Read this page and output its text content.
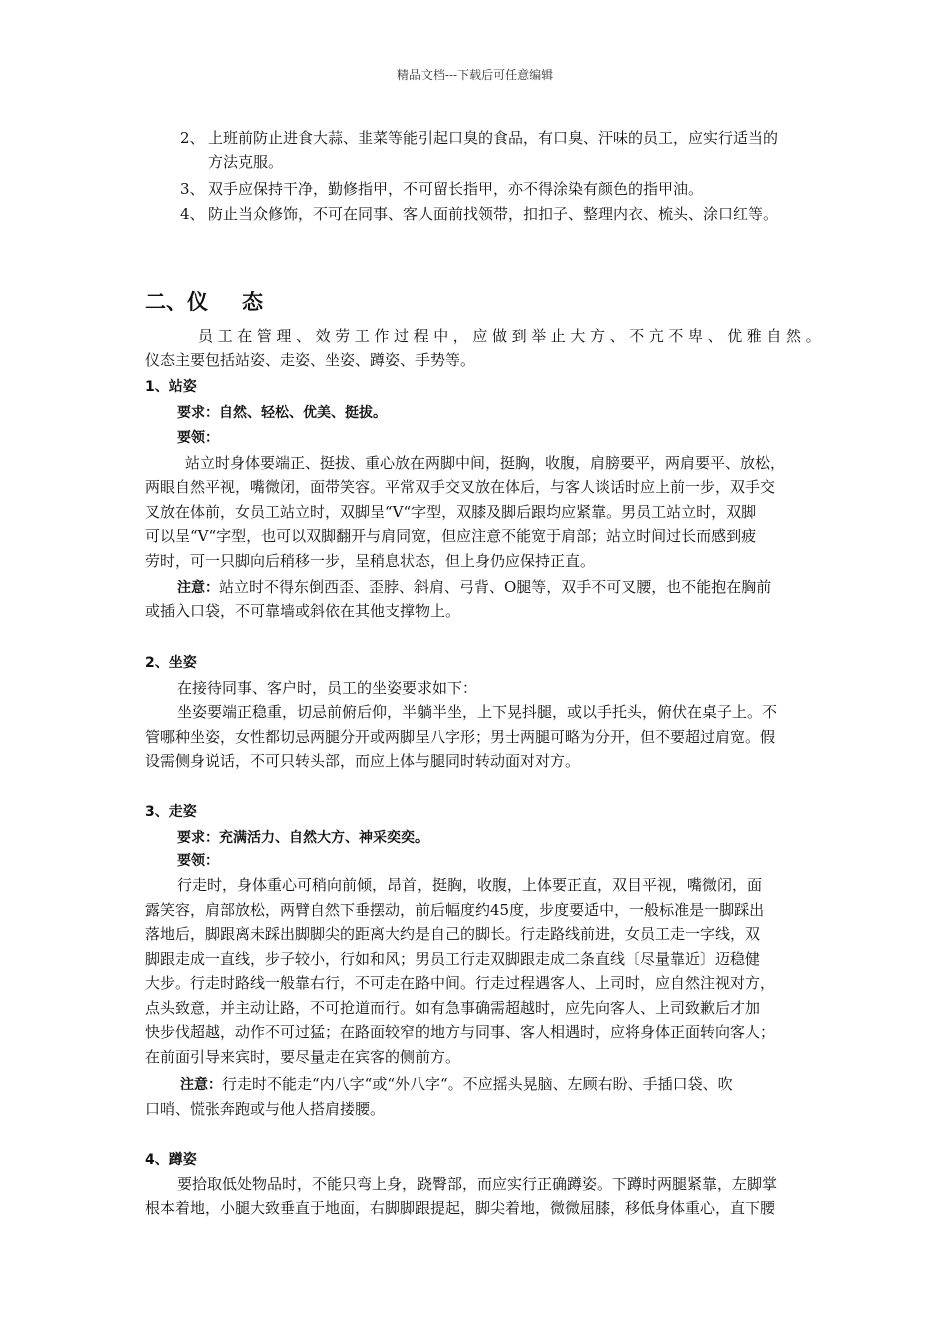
精品文档---下载后可任意编辑
2、 上班前防止进食大蒜、韭菜等能引起口臭的食品，有口臭、汗味的员工，应实行适当的
方法克服。
3、 双手应保持干净，勤修指甲，不可留长指甲，亦不得涂染有颜色的指甲油。
4、 防止当众修饰，不可在同事、客人面前找领带，扣扣子、整理内衣、梳头、涂口红等。
二、仪 态
员工在管理、效劳工作过程中，应做到举止大方、不亢不卑、优雅自然。
仪态主要包括站姿、走姿、坐姿、蹲姿、手势等。
1、站姿
要求：自然、轻松、优美、挺拔。
要领：
站立时身体要端正、挺拔、重心放在两脚中间，挺胸，收腹，肩膀要平，两肩要平、放松，
两眼自然平视，嘴微闭，面带笑容。平常双手交叉放在体后，与客人谈话时应上前一步，双手交
叉放在体前，女员工站立时，双脚呈“V“字型，双膝及脚后跟均应紧靠。男员工站立时，双脚
可以呈“V“字型，也可以双脚翻开与肩同宽，但应注意不能宽于肩部；站立时间过长而感到疲
劳时，可一只脚向后稍移一步，呈稍息状态，但上身仍应保持正直。
注意：站立时不得东倒西歪、歪脖、斜肩、弓背、O腿等，双手不可叉腰，也不能抱在胸前
或插入口袋，不可靠墙或斜依在其他支撑物上。
2、坐姿
在接待同事、客户时，员工的坐姿要求如下：
坐姿要端正稳重，切忌前俯后仰，半躺半坐，上下晃抖腿，或以手托头，俯伏在桌子上。不
管哪种坐姿，女性都切忌两腿分开或两脚呈八字形；男士两腿可略为分开，但不要超过肩宽。假
设需侧身说话，不可只转头部，而应上体与腿同时转动面对对方。
3、走姿
要求：充满活力、自然大方、神采奕奕。
要领：
行走时，身体重心可稍向前倾，昂首，挺胸，收腹，上体要正直，双目平视，嘴微闭，面
露笑容，肩部放松，两臂自然下垂摆动，前后幅度约45度，步度要适中，一般标准是一脚踩出
落地后，脚跟离未踩出脚脚尖的距离大约是自己的脚长。行走路线前进，女员工走一字线，双
脚跟走成一直线，步子较小，行如和风；男员工行走双脚跟走成二条直线〔尽量靠近〕迈稳健
大步。行走时路线一般靠右行，不可走在路中间。行走过程遇客人、上司时，应自然注视对方，
点头致意，并主动让路，不可抢道而行。如有急事确需超越时，应先向客人、上司致歉后才加
快步伐超越，动作不可过猛；在路面较窄的地方与同事、客人相遇时，应将身体正面转向客人；
在前面引导来宾时，要尽量走在宾客的侧前方。
注意：行走时不能走“内八字“或“外八字“。不应摇头晃脑、左顾右盼、手插口袋、吹
口哨、慌张奔跑或与他人搭肩搂腰。
4、蹲姿
要拾取低处物品时，不能只弯上身，跷臀部，而应实行正确蹲姿。下蹲时两腿紧靠，左脚掌
根本着地，小腿大致垂直于地面，右脚脚跟提起，脚尖着地，微微屈膝，移低身体重心，直下腰
